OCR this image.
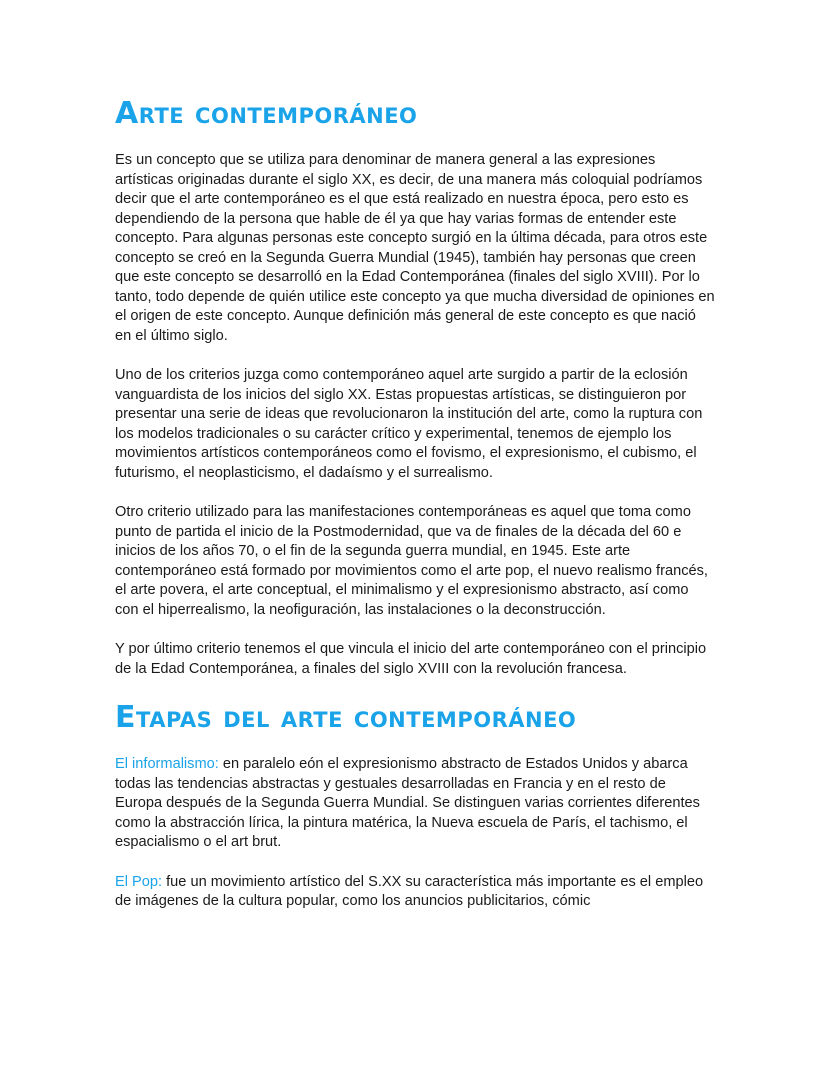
Arte contemporáneo

Es un concepto que se utiliza para denominar de manera general a las expresiones artísticas originadas durante el siglo XX, es decir, de una manera más coloquial podríamos decir que el arte contemporáneo es el que está realizado en nuestra época, pero esto es dependiendo de la persona que hable de él ya que hay varias formas de entender este concepto. Para algunas personas este concepto surgió en la última década, para otros este concepto se creó en la Segunda Guerra Mundial (1945), también hay personas que creen que este concepto se desarrolló en la Edad Contemporánea (finales del siglo XVIII). Por lo tanto, todo depende de quién utilice este concepto ya que mucha diversidad de opiniones en el origen de este concepto. Aunque definición más general de este concepto es que nació en el último siglo.

Uno de los criterios juzga como contemporáneo aquel arte surgido a partir de la eclosión vanguardista de los inicios del siglo XX. Estas propuestas artísticas, se distinguieron por presentar una serie de ideas que revolucionaron la institución del arte, como la ruptura con los modelos tradicionales o su carácter crítico y experimental, tenemos de ejemplo los movimientos artísticos contemporáneos como el fovismo, el expresionismo, el cubismo, el futurismo, el neoplasticismo, el dadaísmo y el surrealismo.

Otro criterio utilizado para las manifestaciones contemporáneas es aquel que toma como punto de partida el inicio de la Postmodernidad, que va de finales de la década del 60 e inicios de los años 70, o el fin de la segunda guerra mundial, en 1945. Este arte contemporáneo está formado por movimientos como el arte pop, el nuevo realismo francés, el arte povera, el arte conceptual, el minimalismo y el expresionismo abstracto, así como con el hiperrealismo, la neofiguración, las instalaciones o la deconstrucción.

Y por último criterio tenemos el que vincula el inicio del arte contemporáneo con el principio de la Edad Contemporánea, a finales del siglo XVIII con la revolución francesa.

Etapas del arte contemporáneo

El informalismo: en paralelo eón el expresionismo abstracto de Estados Unidos y abarca todas las tendencias abstractas y gestuales desarrolladas en Francia y en el resto de Europa después de la Segunda Guerra Mundial. Se distinguen varias corrientes diferentes como la abstracción lírica, la pintura matérica, la Nueva escuela de París, el tachismo, el espacialismo o el art brut.

El Pop: fue un movimiento artístico del S.XX su característica más importante es el empleo de imágenes de la cultura popular, como los anuncios publicitarios, cómic
